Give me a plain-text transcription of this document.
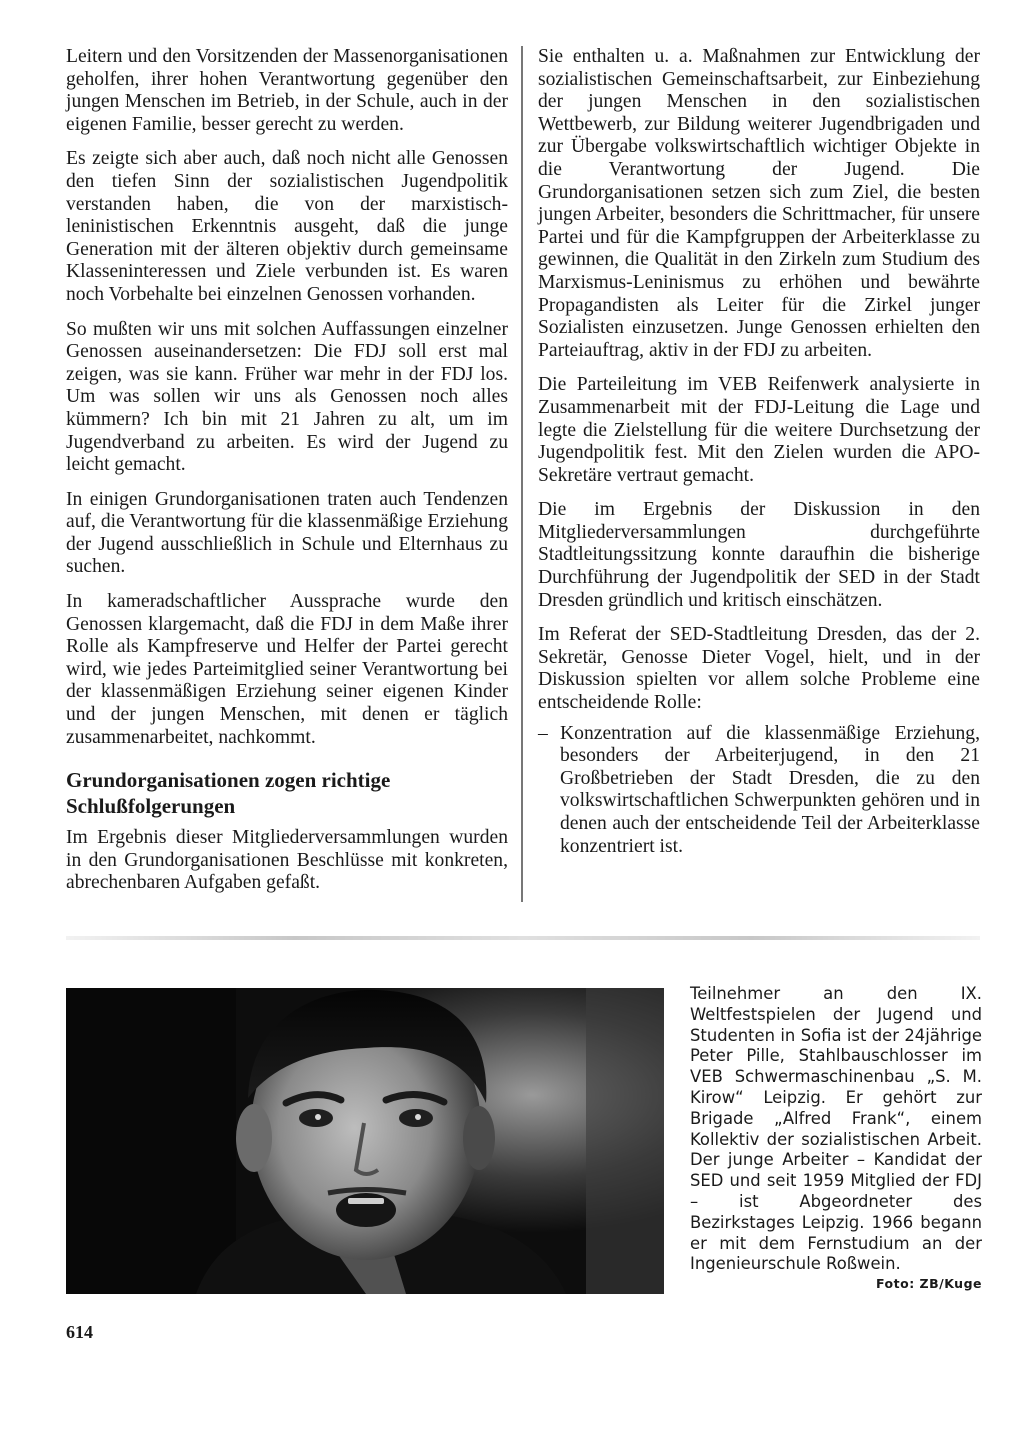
Leitern und den Vorsitzenden der Massenorganisationen geholfen, ihrer hohen Verantwortung gegenüber den jungen Menschen im Betrieb, in der Schule, auch in der eigenen Familie, besser gerecht zu werden.

Es zeigte sich aber auch, daß noch nicht alle Genossen den tiefen Sinn der sozialistischen Jugendpolitik verstanden haben, die von der marxistisch-leninistischen Erkenntnis ausgeht, daß die junge Generation mit der älteren objektiv durch gemeinsame Klasseninteressen und Ziele verbunden ist. Es waren noch Vorbehalte bei einzelnen Genossen vorhanden.

So mußten wir uns mit solchen Auffassungen einzelner Genossen auseinandersetzen: Die FDJ soll erst mal zeigen, was sie kann. Früher war mehr in der FDJ los. Um was sollen wir uns als Genossen noch alles kümmern? Ich bin mit 21 Jahren zu alt, um im Jugendverband zu arbeiten. Es wird der Jugend zu leicht gemacht.

In einigen Grundorganisationen traten auch Tendenzen auf, die Verantwortung für die klassenmäßige Erziehung der Jugend ausschließlich in Schule und Elternhaus zu suchen.

In kameradschaftlicher Aussprache wurde den Genossen klargemacht, daß die FDJ in dem Maße ihrer Rolle als Kampfreserve und Helfer der Partei gerecht wird, wie jedes Parteimitglied seiner Verantwortung bei der klassenmäßigen Erziehung seiner eigenen Kinder und der jungen Menschen, mit denen er täglich zusammenarbeitet, nachkommt.

Grundorganisationen zogen richtige Schlußfolgerungen

Im Ergebnis dieser Mitgliederversammlungen wurden in den Grundorganisationen Beschlüsse mit konkreten, abrechenbaren Aufgaben gefaßt.

Sie enthalten u. a. Maßnahmen zur Entwicklung der sozialistischen Gemeinschaftsarbeit, zur Einbeziehung der jungen Menschen in den sozialistischen Wettbewerb, zur Bildung weiterer Jugendbrigaden und zur Übergabe volkswirtschaftlich wichtiger Objekte in die Verantwortung der Jugend. Die Grundorganisationen setzen sich zum Ziel, die besten jungen Arbeiter, besonders die Schrittmacher, für unsere Partei und für die Kampfgruppen der Arbeiterklasse zu gewinnen, die Qualität in den Zirkeln zum Studium des Marxismus-Leninismus zu erhöhen und bewährte Propagandisten als Leiter für die Zirkel junger Sozialisten einzusetzen. Junge Genossen erhielten den Parteiauftrag, aktiv in der FDJ zu arbeiten.

Die Parteileitung im VEB Reifenwerk analysierte in Zusammenarbeit mit der FDJ-Leitung die Lage und legte die Zielstellung für die weitere Durchsetzung der Jugendpolitik fest. Mit den Zielen wurden die APO-Sekretäre vertraut gemacht.

Die im Ergebnis der Diskussion in den Mitgliederversammlungen durchgeführte Stadtleitungssitzung konnte daraufhin die bisherige Durchführung der Jugendpolitik der SED in der Stadt Dresden gründlich und kritisch einschätzen.

Im Referat der SED-Stadtleitung Dresden, das der 2. Sekretär, Genosse Dieter Vogel, hielt, und in der Diskussion spielten vor allem solche Probleme eine entscheidende Rolle:

– Konzentration auf die klassenmäßige Erziehung, besonders der Arbeiterjugend, in den 21 Großbetrieben der Stadt Dresden, die zu den volkswirtschaftlichen Schwerpunkten gehören und in denen auch der entscheidende Teil der Arbeiterklasse konzentriert ist.
Teilnehmer an den IX. Weltfestspielen der Jugend und Studenten in Sofia ist der 24jährige Peter Pille, Stahlbauschlosser im VEB Schwermaschinenbau „S. M. Kirow“ Leipzig. Er gehört zur Brigade „Alfred Frank“, einem Kollektiv der sozialistischen Arbeit. Der junge Arbeiter – Kandidat der SED und seit 1959 Mitglied der FDJ – ist Abgeordneter des Bezirkstages Leipzig. 1966 begann er mit dem Fernstudium an der Ingenieurschule Roßwein.
Foto: ZB/Kuge
614
